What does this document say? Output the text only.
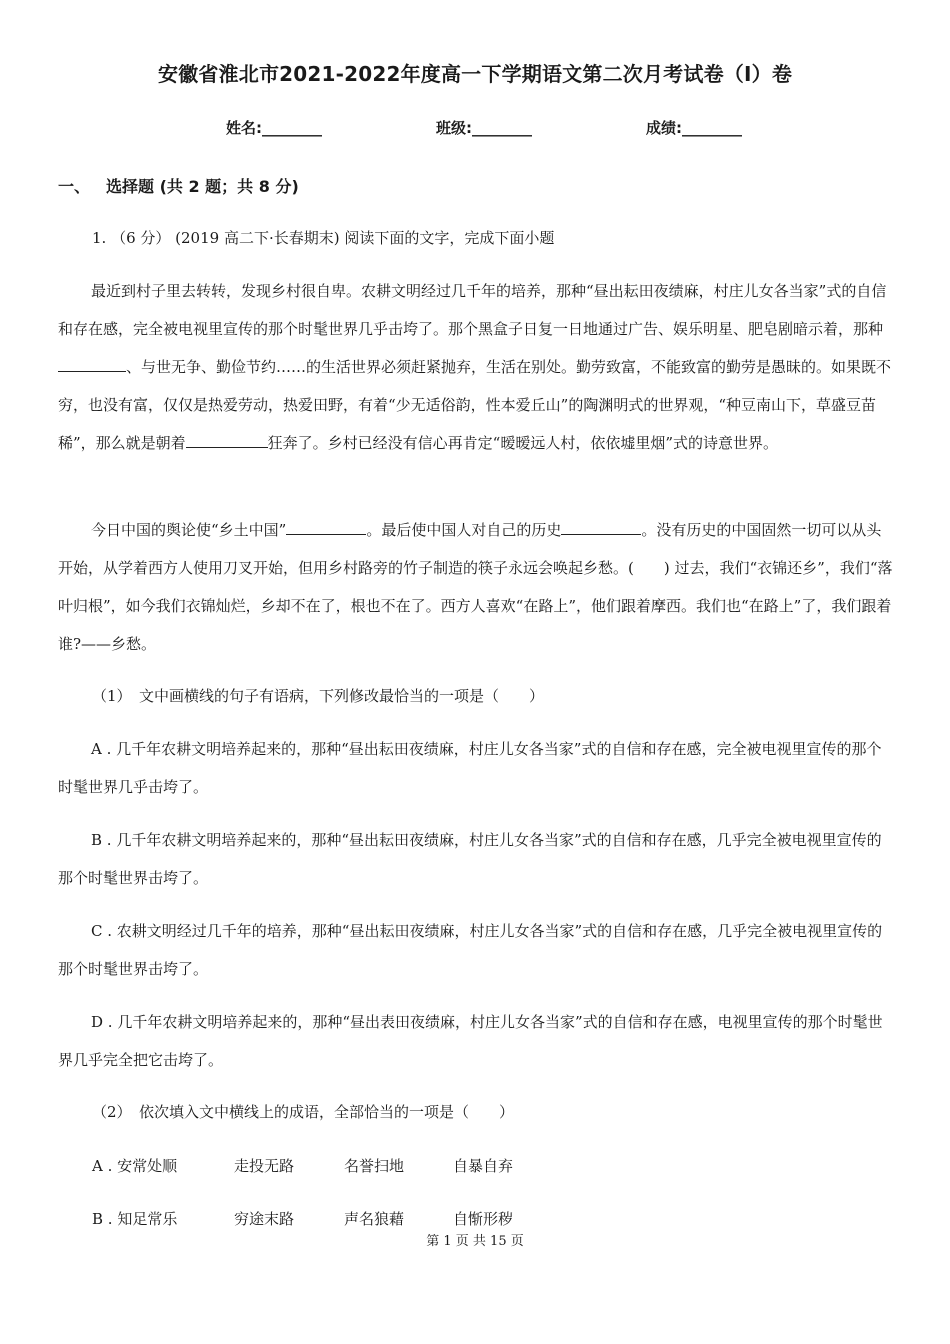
安徽省淮北市2021-2022年度高一下学期语文第二次月考试卷（I）卷
姓名:________	班级:________	成绩:________
一、 选择题 (共 2 题；共 8 分)
1. （6 分） (2019 高二下·长春期末) 阅读下面的文字，完成下面小题
最近到村子里去转转，发现乡村很自卑。农耕文明经过几千年的培养，那种“昼出耘田夜绩麻，村庄儿女各当家”式的自信和存在感，完全被电视里宣传的那个时髦世界几乎击垮了。那个黑盒子日复一日地通过广告、娱乐明星、肥皂剧暗示着，那种、与世无争、勤俭节约……的生活世界必须赶紧抛弃，生活在别处。勤劳致富，不能致富的勤劳是愚昧的。如果既不穷，也没有富，仅仅是热爱劳动，热爱田野，有着“少无适俗韵，性本爱丘山”的陶渊明式的世界观，“种豆南山下，草盛豆苗稀”，那么就是朝着	狂奔了。乡村已经没有信心再肯定“暧暧远人村，依依墟里烟”式的诗意世界。
今日中国的舆论使“乡土中国”	。最后使中国人对自己的历史	。没有历史的中国固然一切可以从头开始，从学着西方人使用刀叉开始，但用乡村路旁的竹子制造的筷子永远会唤起乡愁。(　　) 过去，我们“衣锦还乡”，我们“落叶归根”，如今我们衣锦灿烂，乡却不在了，根也不在了。西方人喜欢“在路上”，他们跟着摩西。我们也“在路上”了，我们跟着谁?——乡愁。
（1）　文中画横线的句子有语病，下列修改最恰当的一项是（　　）
A . 几千年农耕文明培养起来的，那种“昼出耘田夜绩麻，村庄儿女各当家”式的自信和存在感，完全被电视里宣传的那个时髦世界几乎击垮了。
B . 几千年农耕文明培养起来的，那种“昼出耘田夜绩麻，村庄儿女各当家”式的自信和存在感，几乎完全被电视里宣传的那个时髦世界击垮了。
C . 农耕文明经过几千年的培养，那种“昼出耘田夜绩麻，村庄儿女各当家”式的自信和存在感，几乎完全被电视里宣传的那个时髦世界击垮了。
D . 几千年农耕文明培养起来的，那种“昼出表田夜绩麻，村庄儿女各当家”式的自信和存在感，电视里宣传的那个时髦世界几乎完全把它击垮了。
（2）　依次填入文中横线上的成语，全部恰当的一项是（　　）
A . 安常处顺	走投无路	名誉扫地	自暴自弃
B . 知足常乐	穷途末路	声名狼藉	自惭形秽
第 1 页 共 15 页
